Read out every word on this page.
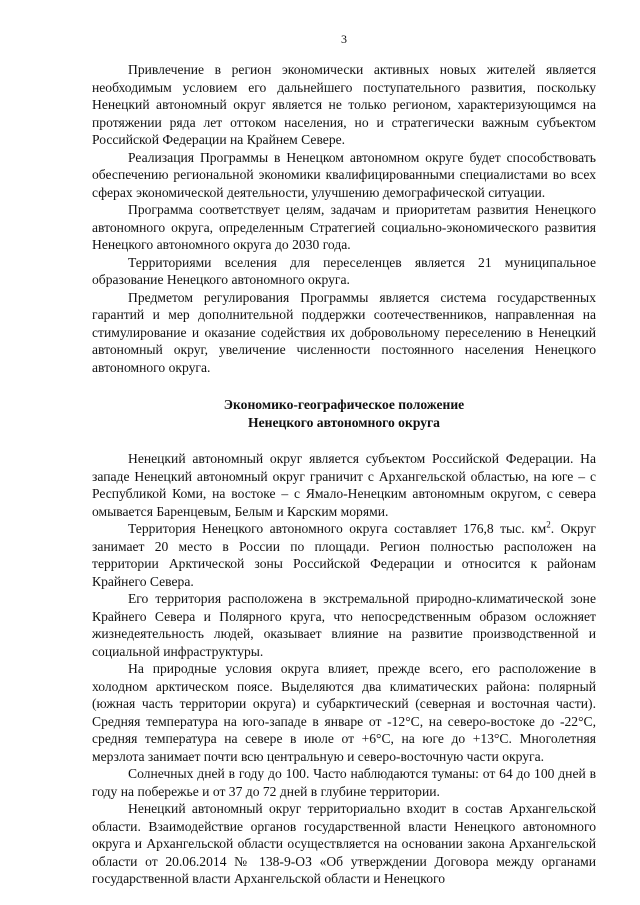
3

Привлечение в регион экономически активных новых жителей является необходимым условием его дальнейшего поступательного развития, поскольку Ненецкий автономный округ является не только регионом, характеризующимся на протяжении ряда лет оттоком населения, но и стратегически важным субъектом Российской Федерации на Крайнем Севере.

Реализация Программы в Ненецком автономном округе будет способствовать обеспечению региональной экономики квалифицированными специалистами во всех сферах экономической деятельности, улучшению демографической ситуации.

Программа соответствует целям, задачам и приоритетам развития Ненецкого автономного округа, определенным Стратегией социально-экономического развития Ненецкого автономного округа до 2030 года.

Территориями вселения для переселенцев является 21 муниципальное образование Ненецкого автономного округа.

Предметом регулирования Программы является система государственных гарантий и мер дополнительной поддержки соотечественников, направленная на стимулирование и оказание содействия их добровольному переселению в Ненецкий автономный округ, увеличение численности постоянного населения Ненецкого автономного округа.

Экономико-географическое положение
Ненецкого автономного округа

Ненецкий автономный округ является субъектом Российской Федерации. На западе Ненецкий автономный округ граничит с Архангельской областью, на юге – с Республикой Коми, на востоке – с Ямало-Ненецким автономным округом, с севера омывается Баренцевым, Белым и Карским морями.

Территория Ненецкого автономного округа составляет 176,8 тыс. $км^2$. Округ занимает 20 место в России по площади. Регион полностью расположен на территории Арктической зоны Российской Федерации и относится к районам Крайнего Севера.

Его территория расположена в экстремальной природно-климатической зоне Крайнего Севера и Полярного круга, что непосредственным образом осложняет жизнедеятельность людей, оказывает влияние на развитие производственной и социальной инфраструктуры.

На природные условия округа влияет, прежде всего, его расположение в холодном арктическом поясе. Выделяются два климатических района: полярный (южная часть территории округа) и субарктический (северная и восточная части). Средняя температура на юго-западе в январе от -12°С, на северо-востоке до -22°С, средняя температура на севере в июле от +6°С, на юге до +13°С. Многолетняя мерзлота занимает почти всю центральную и северо-восточную части округа.

Солнечных дней в году до 100. Часто наблюдаются туманы: от 64 до 100 дней в году на побережье и от 37 до 72 дней в глубине территории.

Ненецкий автономный округ территориально входит в состав Архангельской области. Взаимодействие органов государственной власти Ненецкого автономного округа и Архангельской области осуществляется на основании закона Архангельской области от 20.06.2014 № 138-9-ОЗ «Об утверждении Договора между органами государственной власти Архангельской области и Ненецкого
